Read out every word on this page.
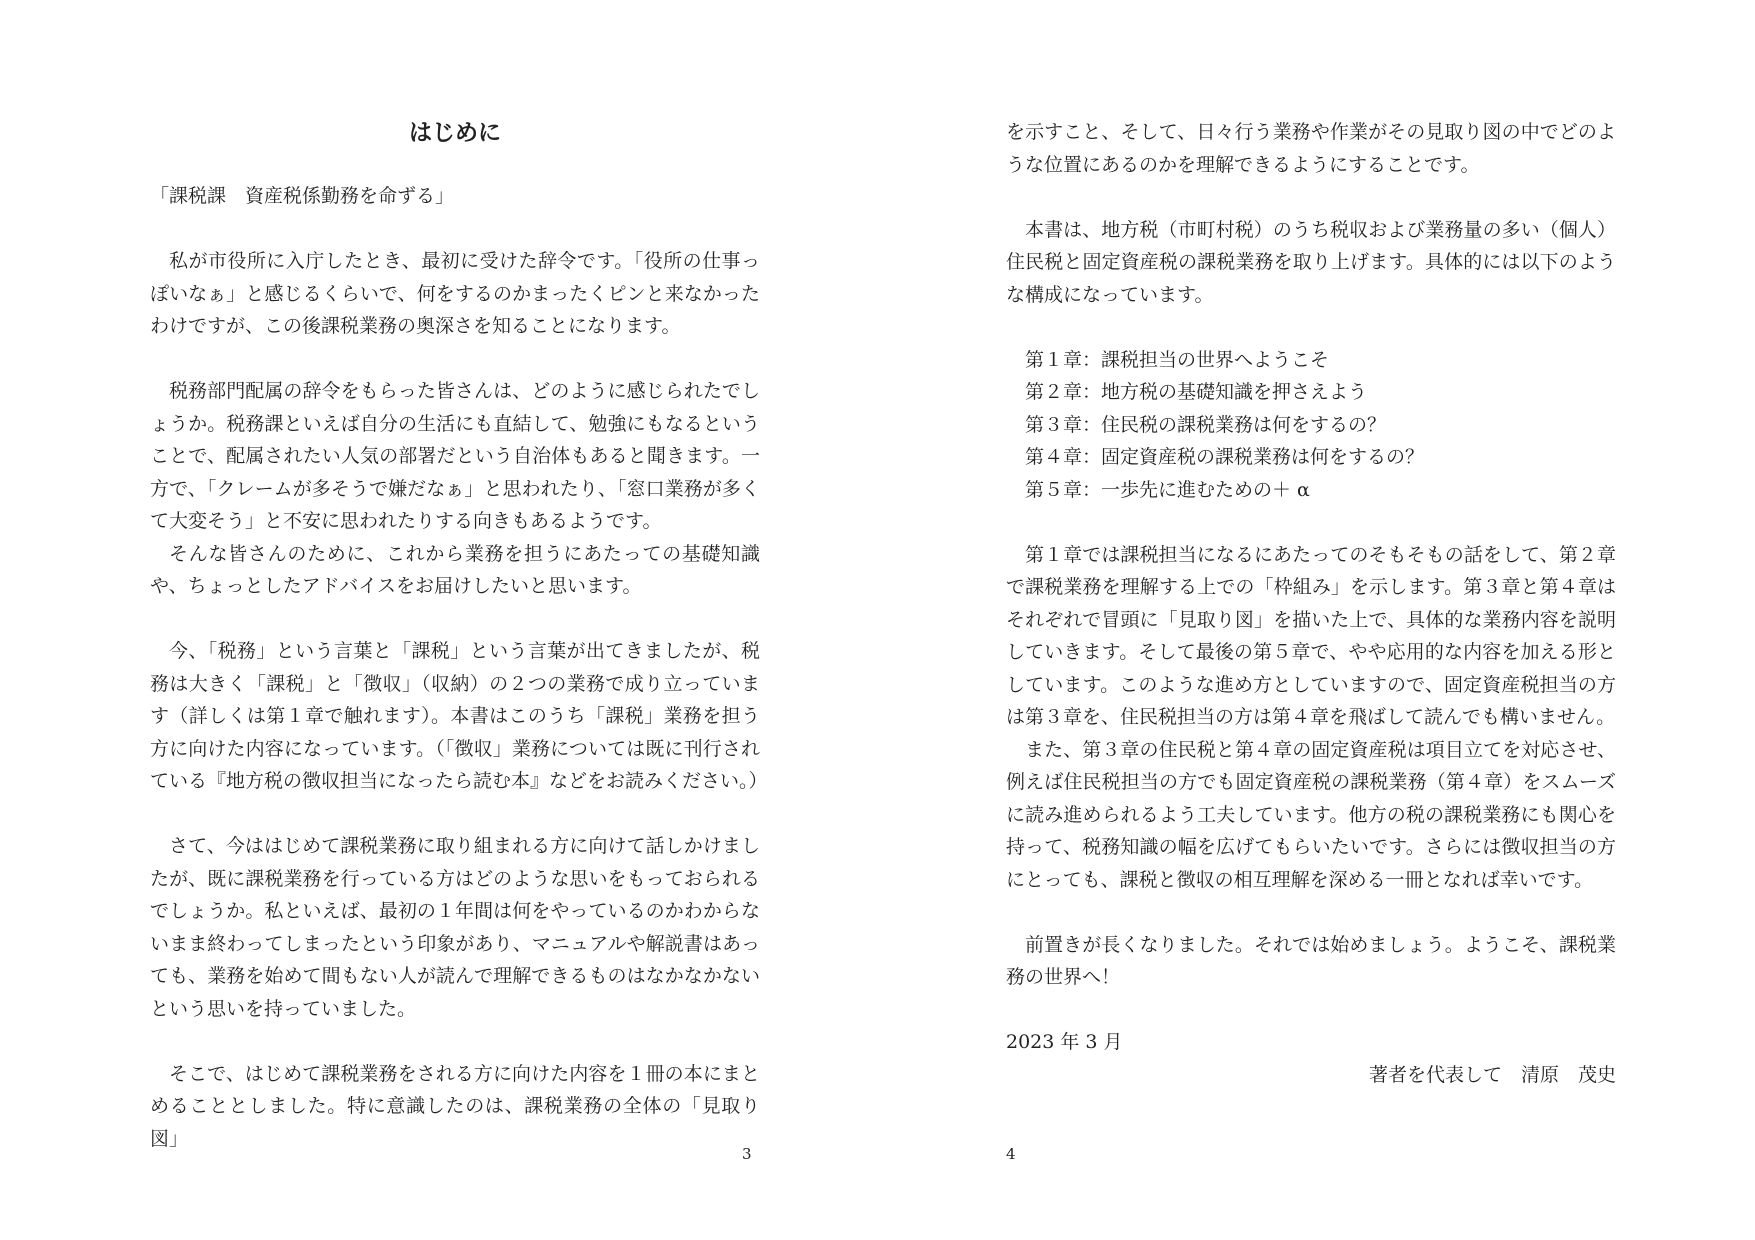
はじめに

「課税課　資産税係勤務を命ずる」

私が市役所に入庁したとき、最初に受けた辞令です。「役所の仕事っぽいなぁ」と感じるくらいで、何をするのかまったくピンと来なかったわけですが、この後課税業務の奥深さを知ることになります。

税務部門配属の辞令をもらった皆さんは、どのように感じられたでしょうか。税務課といえば自分の生活にも直結して、勉強にもなるということで、配属されたい人気の部署だという自治体もあると聞きます。一方で、「クレームが多そうで嫌だなぁ」と思われたり、「窓口業務が多くて大変そう」と不安に思われたりする向きもあるようです。

そんな皆さんのために、これから業務を担うにあたっての基礎知識や、ちょっとしたアドバイスをお届けしたいと思います。

今、「税務」という言葉と「課税」という言葉が出てきましたが、税務は大きく「課税」と「徴収」（収納）の２つの業務で成り立っています（詳しくは第１章で触れます）。本書はこのうち「課税」業務を担う方に向けた内容になっています。（「徴収」業務については既に刊行されている『地方税の徴収担当になったら読む本』などをお読みください。）

さて、今ははじめて課税業務に取り組まれる方に向けて話しかけましたが、既に課税業務を行っている方はどのような思いをもっておられるでしょうか。私といえば、最初の１年間は何をやっているのかわからないまま終わってしまったという印象があり、マニュアルや解説書はあっても、業務を始めて間もない人が読んで理解できるものはなかなかないという思いを持っていました。

そこで、はじめて課税業務をされる方に向けた内容を１冊の本にまとめることとしました。特に意識したのは、課税業務の全体の「見取り図」

3

を示すこと、そして、日々行う業務や作業がその見取り図の中でどのような位置にあるのかを理解できるようにすることです。

本書は、地方税（市町村税）のうち税収および業務量の多い（個人）住民税と固定資産税の課税業務を取り上げます。具体的には以下のような構成になっています。

第１章：課税担当の世界へようこそ

第２章：地方税の基礎知識を押さえよう

第３章：住民税の課税業務は何をするの？

第４章：固定資産税の課税業務は何をするの？

第５章：一歩先に進むための＋ α

第１章では課税担当になるにあたってのそもそもの話をして、第２章で課税業務を理解する上での「枠組み」を示します。第３章と第４章はそれぞれで冒頭に「見取り図」を描いた上で、具体的な業務内容を説明していきます。そして最後の第５章で、やや応用的な内容を加える形としています。このような進め方としていますので、固定資産税担当の方は第３章を、住民税担当の方は第４章を飛ばして読んでも構いません。

また、第３章の住民税と第４章の固定資産税は項目立てを対応させ、例えば住民税担当の方でも固定資産税の課税業務（第４章）をスムーズに読み進められるよう工夫しています。他方の税の課税業務にも関心を持って、税務知識の幅を広げてもらいたいです。さらには徴収担当の方にとっても、課税と徴収の相互理解を深める一冊となれば幸いです。

前置きが長くなりました。それでは始めましょう。ようこそ、課税業務の世界へ！

2023 年 3 月

著者を代表して　清原　茂史

4
